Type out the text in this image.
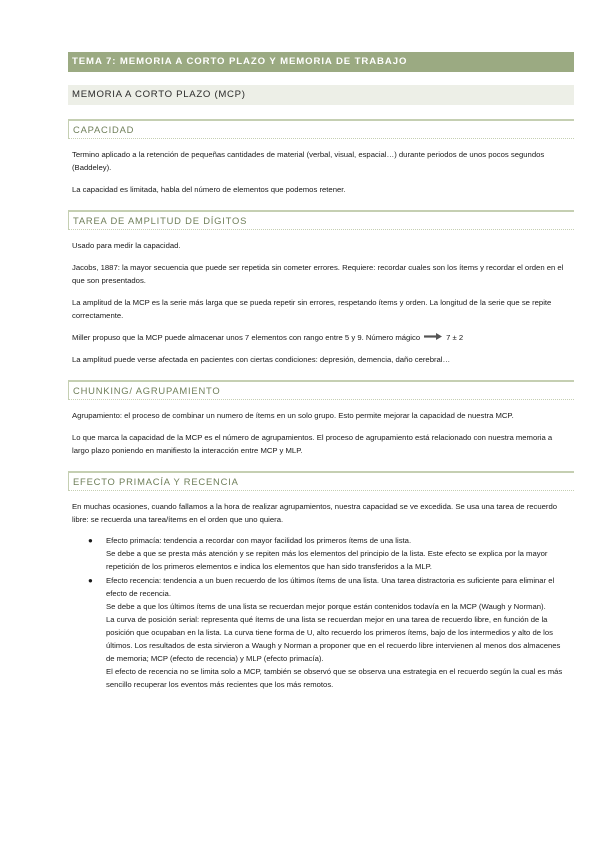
TEMA 7: MEMORIA A CORTO PLAZO Y MEMORIA DE TRABAJO
MEMORIA A CORTO PLAZO (MCP)
CAPACIDAD

Termino aplicado a la retención de pequeñas cantidades de material (verbal, visual, espacial…) durante periodos de unos pocos segundos (Baddeley).

La capacidad es limitada, habla del número de elementos que podemos retener.

TAREA DE AMPLITUD DE DÍGITOS

Usado para medir la capacidad.

Jacobs, 1887: la mayor secuencia que puede ser repetida sin cometer errores. Requiere: recordar cuales son los ítems y recordar el orden en el que son presentados.

La amplitud de la MCP es la serie más larga que se pueda repetir sin errores, respetando ítems y orden. La longitud de la serie que se repite correctamente.

Miller propuso que la MCP puede almacenar unos 7 elementos con rango entre 5 y 9. Número mágico	7 ± 2

La amplitud puede verse afectada en pacientes con ciertas condiciones: depresión, demencia, daño cerebral…

CHUNKING/ AGRUPAMIENTO

Agrupamiento: el proceso de combinar un numero de ítems en un solo grupo. Esto permite mejorar la capacidad de nuestra MCP.

Lo que marca la capacidad de la MCP es el número de agrupamientos. El proceso de agrupamiento está relacionado con nuestra memoria a largo plazo poniendo en manifiesto la interacción entre MCP y MLP.

EFECTO PRIMACÍA Y RECENCIA

En muchas ocasiones, cuando fallamos a la hora de realizar agrupamientos, nuestra capacidad se ve excedida. Se usa una tarea de recuerdo libre: se recuerda una tarea/ítems en el orden que uno quiera.

● Efecto primacía: tendencia a recordar con mayor facilidad los primeros ítems de una lista.
Se debe a que se presta más atención y se repiten más los elementos del principio de la lista. Este efecto se explica por la mayor repetición de los primeros elementos e indica los elementos que han sido transferidos a la MLP.
● Efecto recencia: tendencia a un buen recuerdo de los últimos ítems de una lista. Una tarea distractoria es suficiente para eliminar el efecto de recencia.
Se debe a que los últimos ítems de una lista se recuerdan mejor porque están contenidos todavía en la MCP (Waugh y Norman).
La curva de posición serial: representa qué ítems de una lista se recuerdan mejor en una tarea de recuerdo libre, en función de la posición que ocupaban en la lista. La curva tiene forma de U, alto recuerdo los primeros ítems, bajo de los intermedios y alto de los últimos. Los resultados de esta sirvieron a Waugh y Norman a proponer que en el recuerdo libre intervienen al menos dos almacenes de memoria; MCP (efecto de recencia) y MLP (efecto primacía).
El efecto de recencia no se limita solo a MCP, también se observó que se observa una estrategia en el recuerdo según la cual es más sencillo recuperar los eventos más recientes que los más remotos.
